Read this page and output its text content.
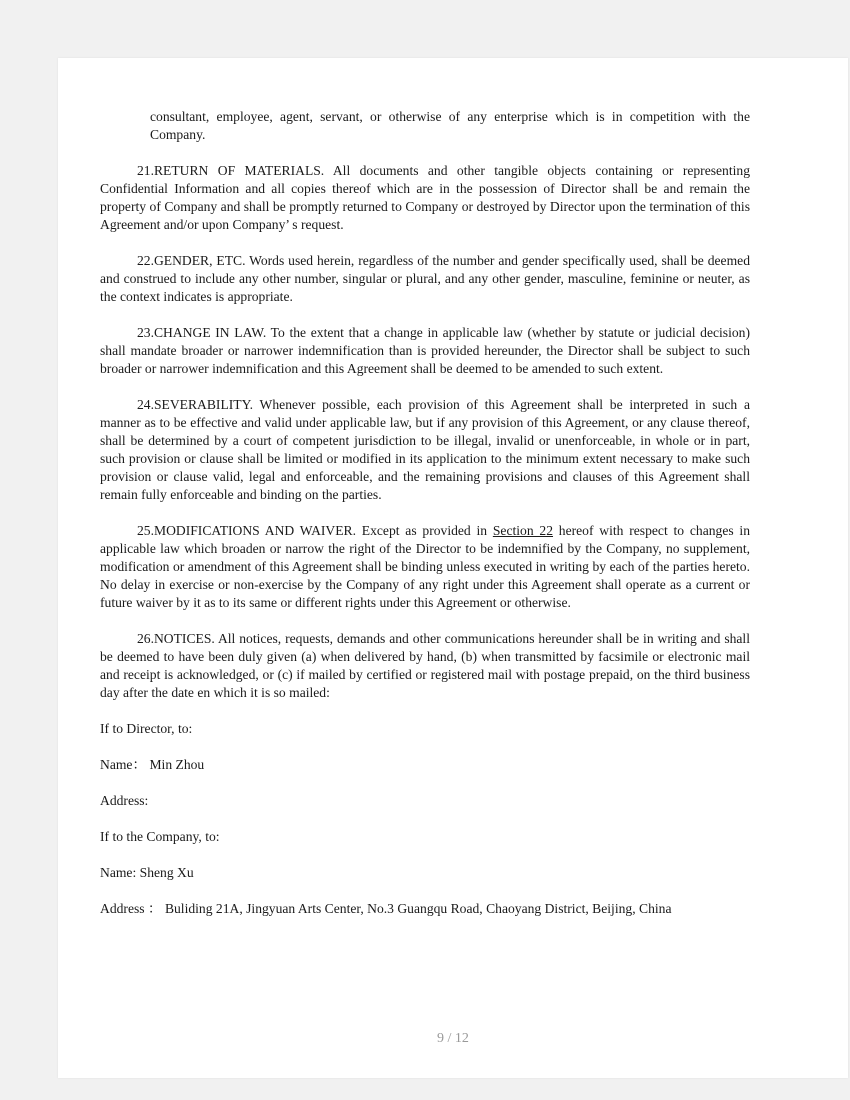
consultant, employee, agent, servant, or otherwise of any enterprise which is in competition with the Company.

21.RETURN OF MATERIALS. All documents and other tangible objects containing or representing Confidential Information and all copies thereof which are in the possession of Director shall be and remain the property of Company and shall be promptly returned to Company or destroyed by Director upon the termination of this Agreement and/or upon Company’ s request.

22.GENDER, ETC. Words used herein, regardless of the number and gender specifically used, shall be deemed and construed to include any other number, singular or plural, and any other gender, masculine, feminine or neuter, as the context indicates is appropriate.

23.CHANGE IN LAW. To the extent that a change in applicable law (whether by statute or judicial decision) shall mandate broader or narrower indemnification than is provided hereunder, the Director shall be subject to such broader or narrower indemnification and this Agreement shall be deemed to be amended to such extent.

24.SEVERABILITY. Whenever possible, each provision of this Agreement shall be interpreted in such a manner as to be effective and valid under applicable law, but if any provision of this Agreement, or any clause thereof, shall be determined by a court of competent jurisdiction to be illegal, invalid or unenforceable, in whole or in part, such provision or clause shall be limited or modified in its application to the minimum extent necessary to make such provision or clause valid, legal and enforceable, and the remaining provisions and clauses of this Agreement shall remain fully enforceable and binding on the parties.

25.MODIFICATIONS AND WAIVER. Except as provided in Section 22 hereof with respect to changes in applicable law which broaden or narrow the right of the Director to be indemnified by the Company, no supplement, modification or amendment of this Agreement shall be binding unless executed in writing by each of the parties hereto. No delay in exercise or non-exercise by the Company of any right under this Agreement shall operate as a current or future waiver by it as to its same or different rights under this Agreement or otherwise.

26.NOTICES. All notices, requests, demands and other communications hereunder shall be in writing and shall be deemed to have been duly given (a) when delivered by hand, (b) when transmitted by facsimile or electronic mail and receipt is acknowledged, or (c) if mailed by certified or registered mail with postage prepaid, on the third business day after the date en which it is so mailed:

If to Director, to:

Name： Min Zhou

Address:

If to the Company, to:

Name: Sheng Xu

Address ： Buliding 21A, Jingyuan Arts Center, No.3 Guangqu Road, Chaoyang District, Beijing, China

9 / 12
